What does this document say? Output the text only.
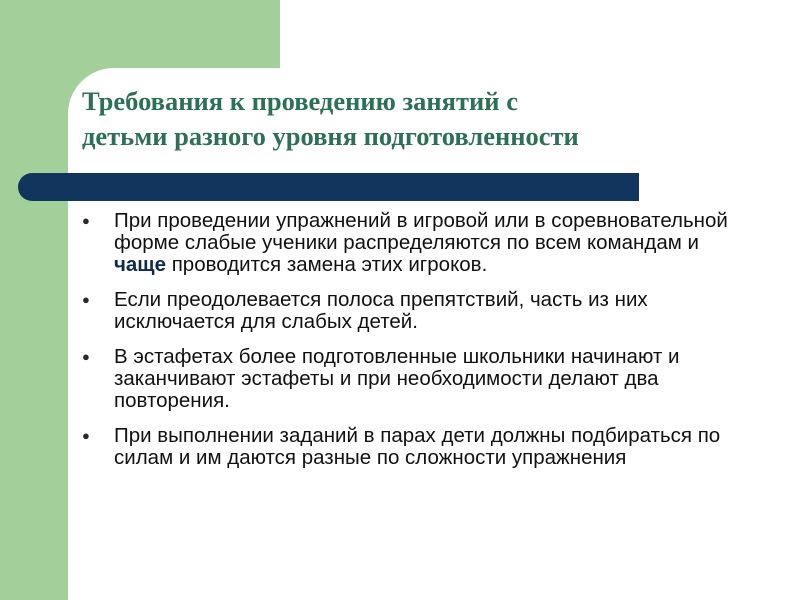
Требования к проведению занятий с
детьми разного уровня подготовленности
● При проведении упражнений в игровой или в соревновательной форме слабые ученики распределяются по всем командам и чаще проводится замена этих игроков.
● Если преодолевается полоса препятствий, часть из них исключается для слабых детей.
● В эстафетах более подготовленные школьники начинают и заканчивают эстафеты и при необходимости делают два повторения.
● При выполнении заданий в парах дети должны подбираться по силам и им даются разные по сложности упражнения
